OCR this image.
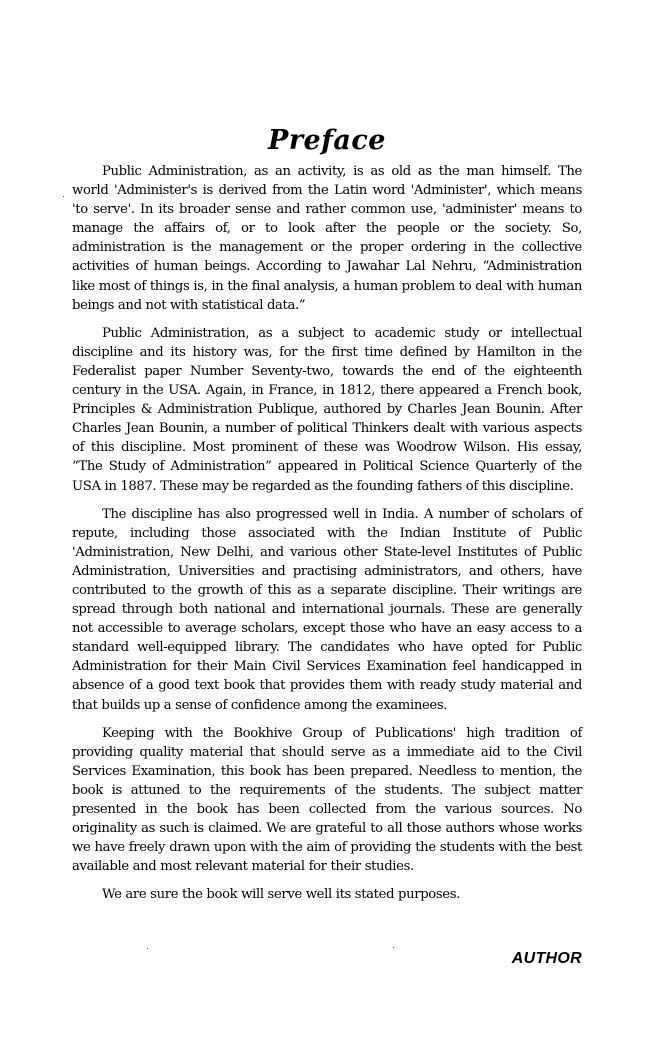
Preface

Public Administration, as an activity, is as old as the man himself. The world 'Administer's is derived from the Latin word 'Administer', which means 'to serve'. In its broader sense and rather common use, 'administer' means to manage the affairs of, or to look after the people or the society. So, administration is the management or the proper ordering in the collective activities of human beings. According to Jawahar Lal Nehru, “Administration like most of things is, in the final analysis, a human problem to deal with human beings and not with statistical data.”

Public Administration, as a subject to academic study or intellectual discipline and its history was, for the first time defined by Hamilton in the Federalist paper Number Seventy-two, towards the end of the eighteenth century in the USA. Again, in France, in 1812, there appeared a French book, Principles & Administration Publique, authored by Charles Jean Bounin. After Charles Jean Bounin, a number of political Thinkers dealt with various aspects of this discipline. Most prominent of these was Woodrow Wilson. His essay, “The Study of Administration” appeared in Political Science Quarterly of the USA in 1887. These may be regarded as the founding fathers of this discipline.

The discipline has also progressed well in India. A number of scholars of repute, including those associated with the Indian Institute of Public 'Administration, New Delhi, and various other State-level Institutes of Public Administration, Universities and practising administrators, and others, have contributed to the growth of this as a separate discipline. Their writings are spread through both national and international journals. These are generally not accessible to average scholars, except those who have an easy access to a standard well-equipped library. The candidates who have opted for Public Administration for their Main Civil Services Examination feel handicapped in absence of a good text book that provides them with ready study material and that builds up a sense of confidence among the examinees.

Keeping with the Bookhive Group of Publications' high tradition of providing quality material that should serve as a immediate aid to the Civil Services Examination, this book has been prepared. Needless to mention, the book is attuned to the requirements of the students. The subject matter presented in the book has been collected from the various sources. No originality as such is claimed. We are grateful to all those authors whose works we have freely drawn upon with the aim of providing the students with the best available and most relevant material for their studies.

We are sure the book will serve well its stated purposes.

AUTHOR
